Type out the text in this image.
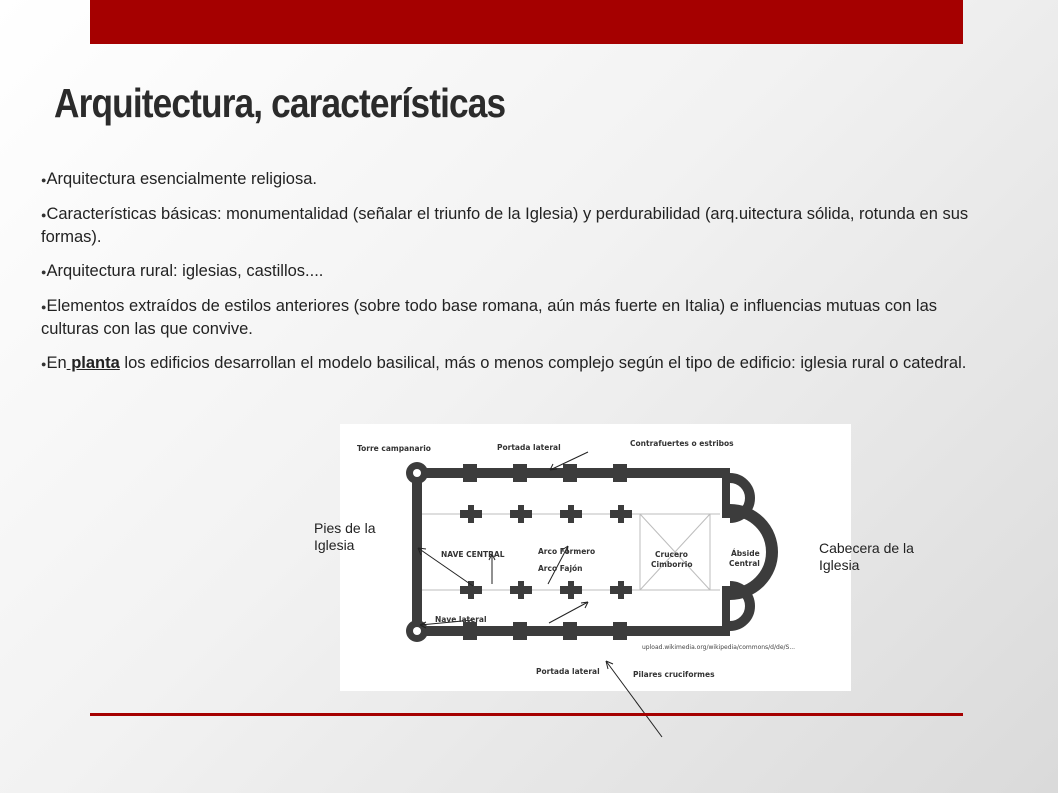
Arquitectura, características
●Arquitectura esencialmente religiosa.
●Características básicas: monumentalidad (señalar el triunfo de la Iglesia) y perdurabilidad (arq.uitectura sólida, rotunda en sus formas).
●Arquitectura rural: iglesias, castillos....
●Elementos extraídos de estilos anteriores (sobre todo base romana, aún más fuerte en Italia) e influencias mutuas con las culturas con las que convive.
●En planta los edificios desarrollan el modelo basilical, más o menos complejo según el tipo de edificio: iglesia rural o catedral.
Torre campanario	Portada lateral	Contrafuertes o estribos
NAVE CENTRAL	Arco Formero
Arco Fajón
Crucero
Cimborrio
Ábside
Central
Nave lateral
Portada lateral	Pilares cruciformes
upload.wikimedia.org/wikipedia/commons/d/de/S...
Pies de la Iglesia	Cabecera de la Iglesia
